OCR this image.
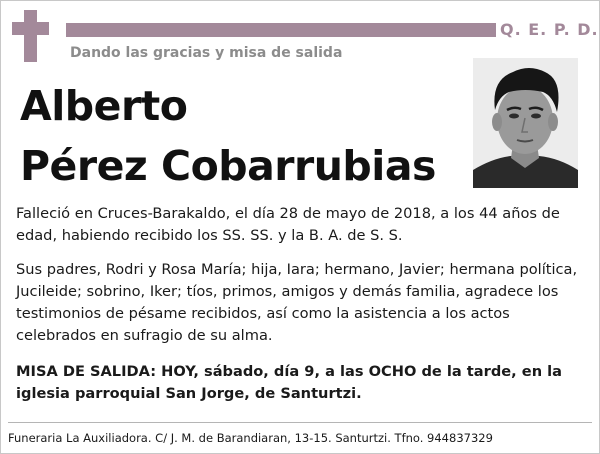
Q. E. P. D.
Dando las gracias y misa de salida
Alberto
Pérez Cobarrubias
Falleció en Cruces-Barakaldo, el día 28 de mayo de 2018, a los 44 años de edad, habiendo recibido los SS. SS. y la B. A. de S. S.
Sus padres, Rodri y Rosa María; hija, Iara; hermano, Javier; hermana política, Jucileide; sobrino, Iker; tíos, primos, amigos y demás familia, agradece los testimonios de pésame recibidos, así como la asistencia a los actos celebrados en sufragio de su alma.
MISA DE SALIDA: HOY, sábado, día 9, a las OCHO de la tarde, en la iglesia parroquial San Jorge, de Santurtzi.
Funeraria La Auxiliadora. C/ J. M. de Barandiaran, 13-15. Santurtzi. Tfno. 944837329
